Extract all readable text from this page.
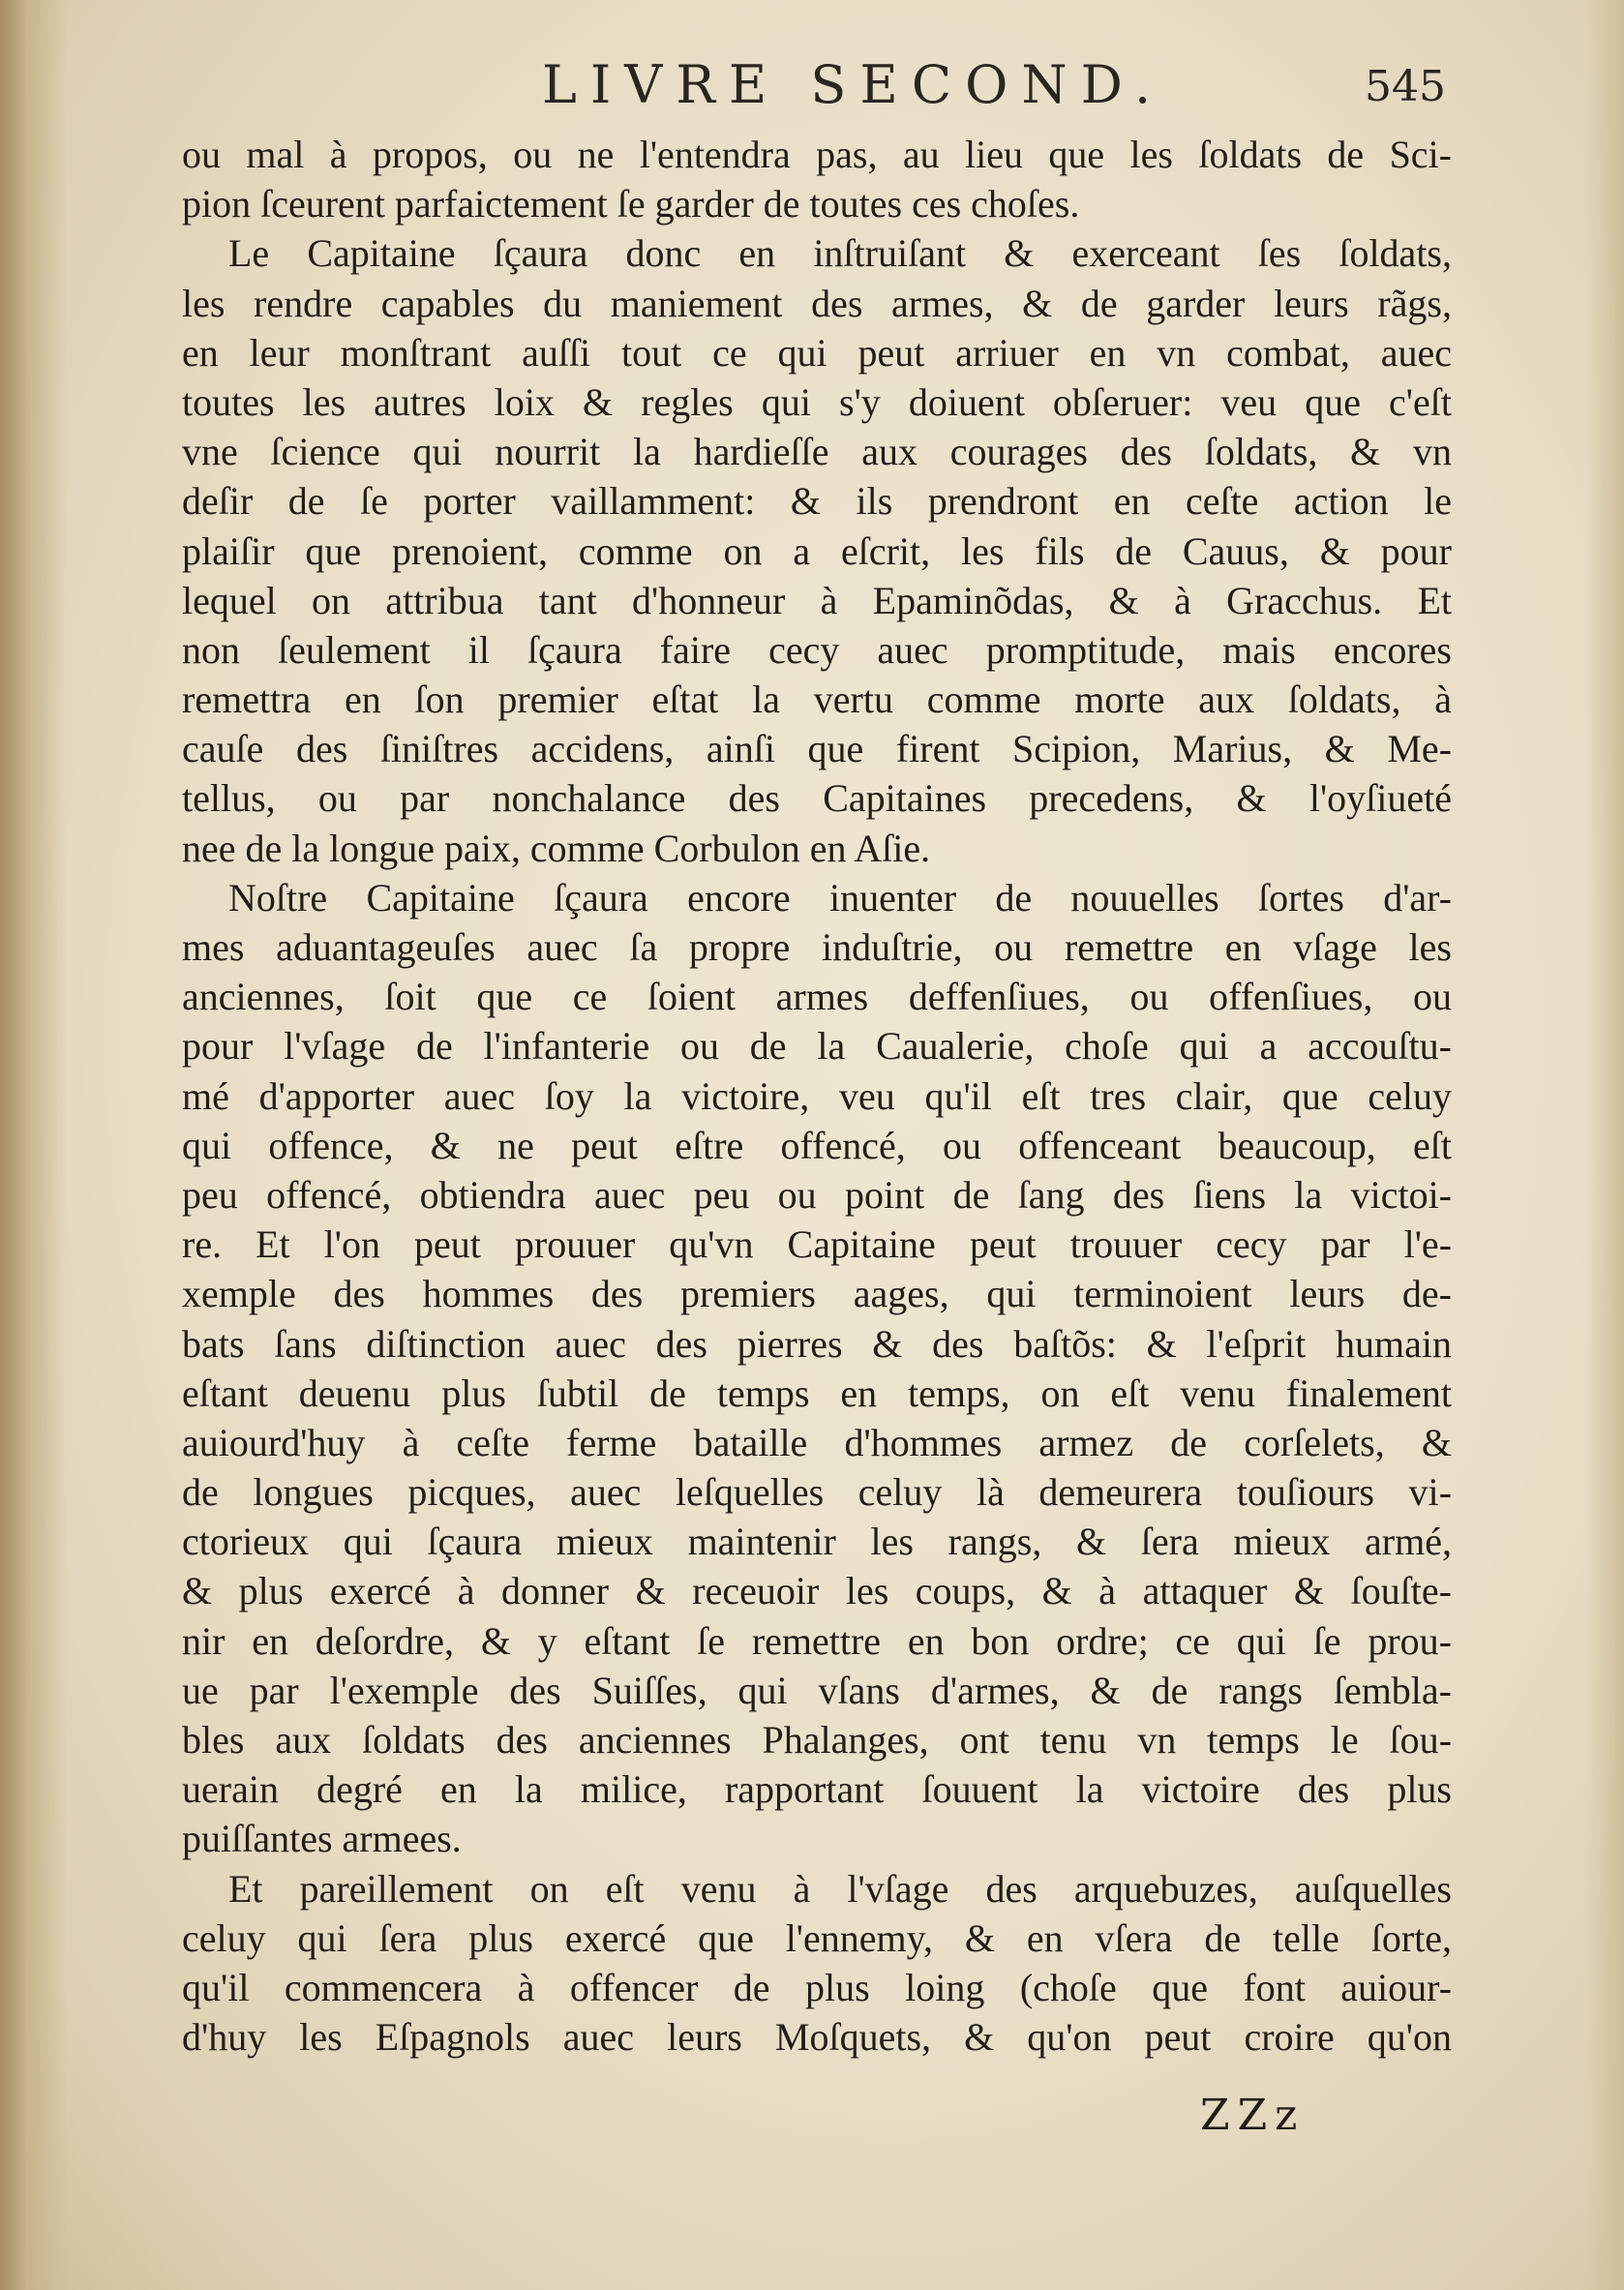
LIVRE SECOND.	545
ou mal à propos, ou ne l'entendra pas, au lieu que les ſoldats de Sci-
pion ſceurent parfaictement ſe garder de toutes ces choſes.
Le Capitaine ſçaura donc en inſtruiſant & exerceant ſes ſoldats,
les rendre capables du maniement des armes, & de garder leurs rãgs,
en leur monſtrant auſſi tout ce qui peut arriuer en vn combat, auec
toutes les autres loix & regles qui s'y doiuent obſeruer: veu que c'eſt
vne ſcience qui nourrit la hardieſſe aux courages des ſoldats, & vn
deſir de ſe porter vaillamment: & ils prendront en ceſte action le
plaiſir que prenoient, comme on a eſcrit, les fils de Cauus, & pour
lequel on attribua tant d'honneur à Epaminõdas, & à Gracchus. Et
non ſeulement il ſçaura faire cecy auec promptitude, mais encores
remettra en ſon premier eſtat la vertu comme morte aux ſoldats, à
cauſe des ſiniſtres accidens, ainſi que firent Scipion, Marius, & Me-
tellus, ou par nonchalance des Capitaines precedens, & l'oyſiueté
nee de la longue paix, comme Corbulon en Aſie.
Noſtre Capitaine ſçaura encore inuenter de nouuelles ſortes d'ar-
mes aduantageuſes auec ſa propre induſtrie, ou remettre en vſage les
anciennes, ſoit que ce ſoient armes deffenſiues, ou offenſiues, ou
pour l'vſage de l'infanterie ou de la Caualerie, choſe qui a accouſtu-
mé d'apporter auec ſoy la victoire, veu qu'il eſt tres clair, que celuy
qui offence, & ne peut eſtre offencé, ou offenceant beaucoup, eſt
peu offencé, obtiendra auec peu ou point de ſang des ſiens la victoi-
re. Et l'on peut prouuer qu'vn Capitaine peut trouuer cecy par l'e-
xemple des hommes des premiers aages, qui terminoient leurs de-
bats ſans diſtinction auec des pierres & des baſtõs: & l'eſprit humain
eſtant deuenu plus ſubtil de temps en temps, on eſt venu finalement
auiourd'huy à ceſte ferme bataille d'hommes armez de corſelets, &
de longues picques, auec leſquelles celuy là demeurera touſiours vi-
ctorieux qui ſçaura mieux maintenir les rangs, & ſera mieux armé,
& plus exercé à donner & receuoir les coups, & à attaquer & ſouſte-
nir en deſordre, & y eſtant ſe remettre en bon ordre; ce qui ſe prou-
ue par l'exemple des Suiſſes, qui vſans d'armes, & de rangs ſembla-
bles aux ſoldats des anciennes Phalanges, ont tenu vn temps le ſou-
uerain degré en la milice, rapportant ſouuent la victoire des plus
puiſſantes armees.
Et pareillement on eſt venu à l'vſage des arquebuzes, auſquelles
celuy qui ſera plus exercé que l'ennemy, & en vſera de telle ſorte,
qu'il commencera à offencer de plus loing (choſe que font auiour-
d'huy les Eſpagnols auec leurs Moſquets, & qu'on peut croire qu'on
ZZz
